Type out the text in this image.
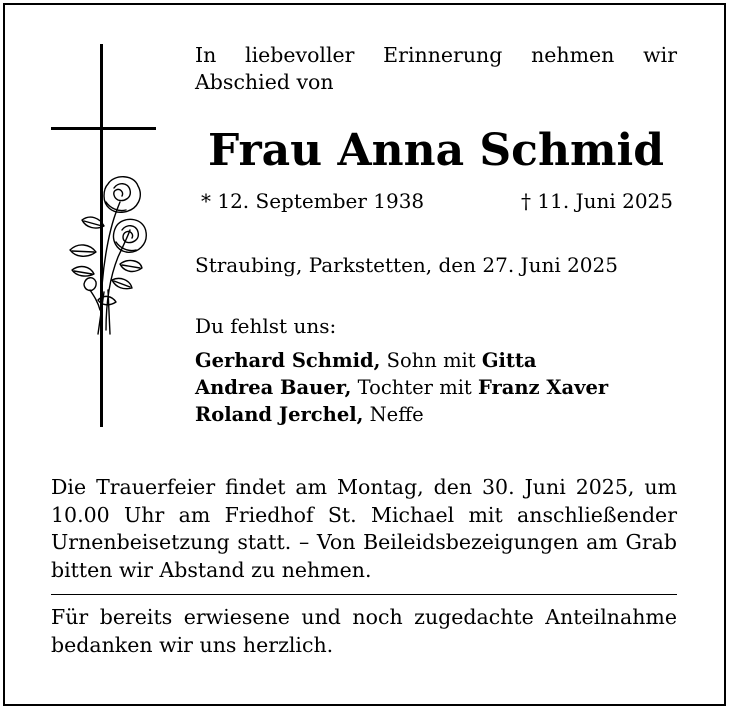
In liebevoller Erinnerung nehmen wir Abschied von
Frau Anna Schmid
* 12. September 1938	† 11. Juni 2025
Straubing, Parkstetten, den 27. Juni 2025
Du fehlst uns:
Gerhard Schmid, Sohn mit Gitta
Andrea Bauer, Tochter mit Franz Xaver
Roland Jerchel, Neffe
Die Trauerfeier findet am Montag, den 30. Juni 2025, um 10.00 Uhr am Friedhof St. Michael mit anschließender Urnenbeisetzung statt. – Von Beileidsbezeigungen am Grab bitten wir Abstand zu nehmen.
Für bereits erwiesene und noch zugedachte Anteilnahme bedanken wir uns herzlich.
